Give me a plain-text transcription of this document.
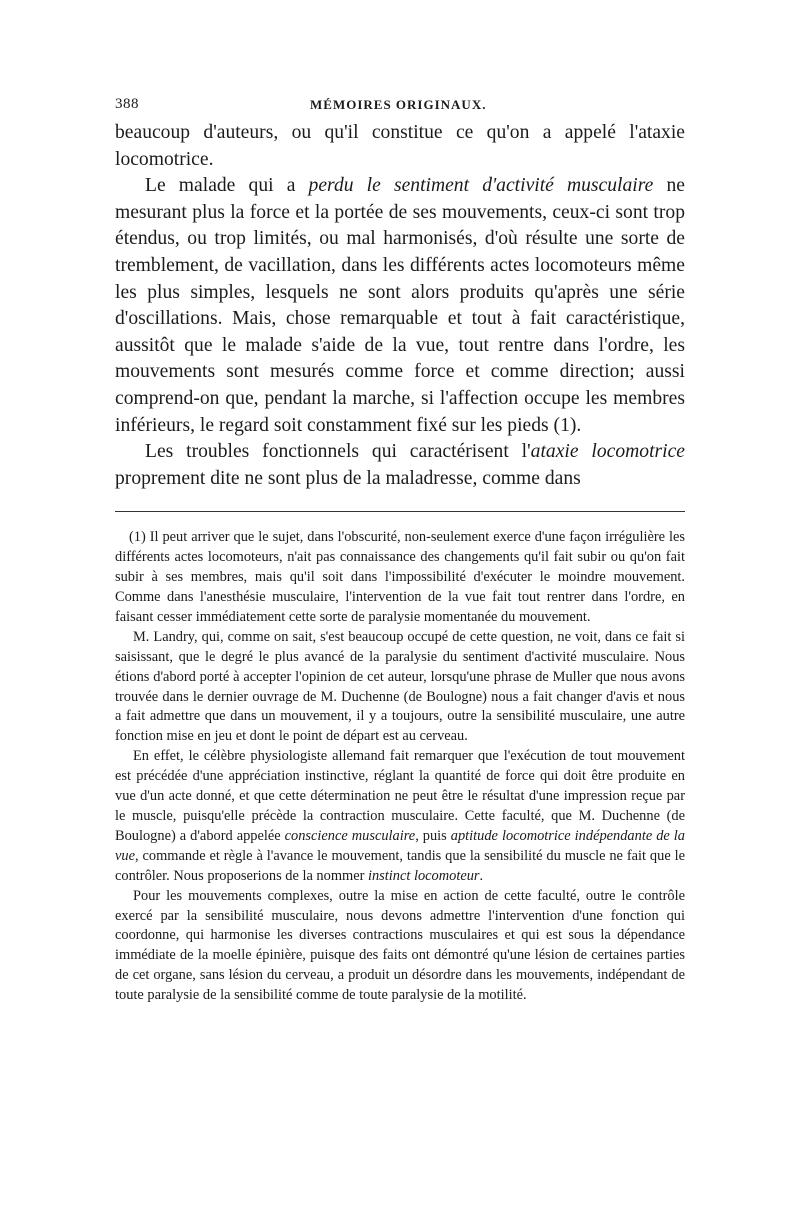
388	MÉMOIRES ORIGINAUX.

beaucoup d'auteurs, ou qu'il constitue ce qu'on a appelé l'ataxie locomotrice.

Le malade qui a perdu le sentiment d'activité musculaire ne mesurant plus la force et la portée de ses mouvements, ceux-ci sont trop étendus, ou trop limités, ou mal harmonisés, d'où résulte une sorte de tremblement, de vacillation, dans les différents actes locomoteurs même les plus simples, lesquels ne sont alors produits qu'après une série d'oscillations. Mais, chose remarquable et tout à fait caractéristique, aussitôt que le malade s'aide de la vue, tout rentre dans l'ordre, les mouvements sont mesurés comme force et comme direction; aussi comprend-on que, pendant la marche, si l'affection occupe les membres inférieurs, le regard soit constamment fixé sur les pieds (1).

Les troubles fonctionnels qui caractérisent l'ataxie locomotrice proprement dite ne sont plus de la maladresse, comme dans

(1) Il peut arriver que le sujet, dans l'obscurité, non-seulement exerce d'une façon irrégulière les différents actes locomoteurs, n'ait pas connaissance des changements qu'il fait subir ou qu'on fait subir à ses membres, mais qu'il soit dans l'impossibilité d'exécuter le moindre mouvement. Comme dans l'anesthésie musculaire, l'intervention de la vue fait tout rentrer dans l'ordre, en faisant cesser immédiatement cette sorte de paralysie momentanée du mouvement.

M. Landry, qui, comme on sait, s'est beaucoup occupé de cette question, ne voit, dans ce fait si saisissant, que le degré le plus avancé de la paralysie du sentiment d'activité musculaire. Nous étions d'abord porté à accepter l'opinion de cet auteur, lorsqu'une phrase de Muller que nous avons trouvée dans le dernier ouvrage de M. Duchenne (de Boulogne) nous a fait changer d'avis et nous a fait admettre que dans un mouvement, il y a toujours, outre la sensibilité musculaire, une autre fonction mise en jeu et dont le point de départ est au cerveau.

En effet, le célèbre physiologiste allemand fait remarquer que l'exécution de tout mouvement est précédée d'une appréciation instinctive, réglant la quantité de force qui doit être produite en vue d'un acte donné, et que cette détermination ne peut être le résultat d'une impression reçue par le muscle, puisqu'elle précède la contraction musculaire. Cette faculté, que M. Duchenne (de Boulogne) a d'abord appelée conscience musculaire, puis aptitude locomotrice indépendante de la vue, commande et règle à l'avance le mouvement, tandis que la sensibilité du muscle ne fait que le contrôler. Nous proposerions de la nommer instinct locomoteur.

Pour les mouvements complexes, outre la mise en action de cette faculté, outre le contrôle exercé par la sensibilité musculaire, nous devons admettre l'intervention d'une fonction qui coordonne, qui harmonise les diverses contractions musculaires et qui est sous la dépendance immédiate de la moelle épinière, puisque des faits ont démontré qu'une lésion de certaines parties de cet organe, sans lésion du cerveau, a produit un désordre dans les mouvements, indépendant de toute paralysie de la sensibilité comme de toute paralysie de la motilité.
